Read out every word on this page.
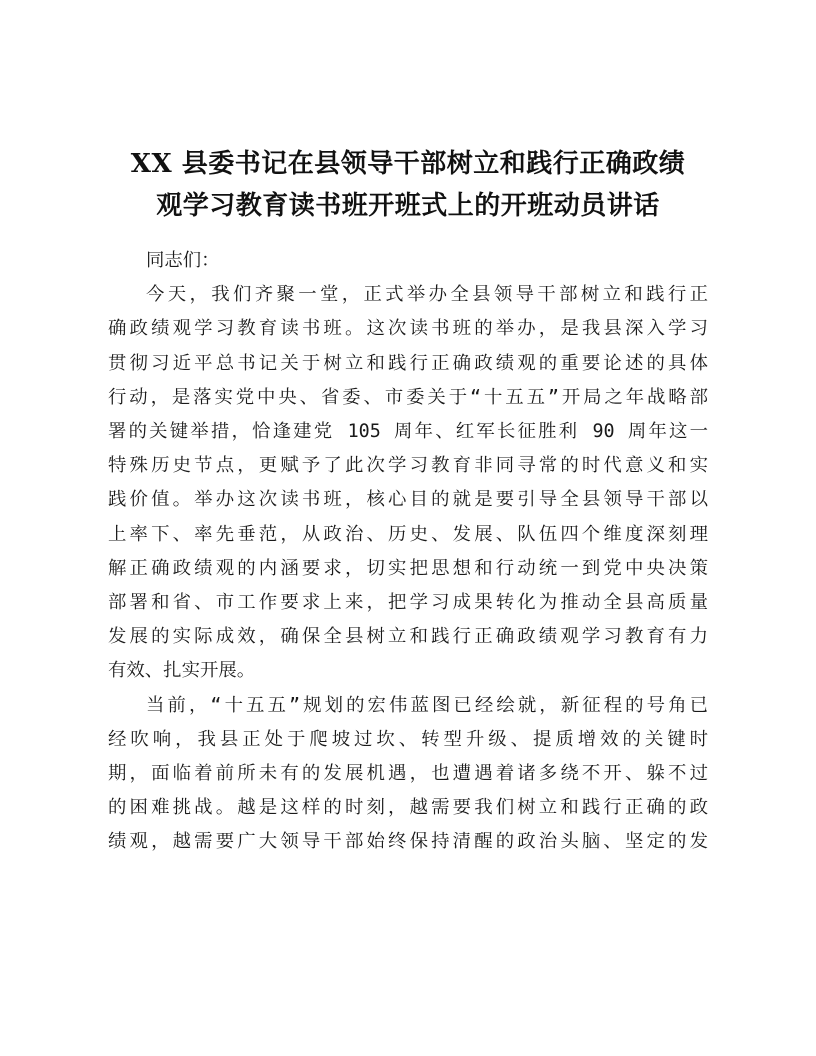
XX 县委书记在县领导干部树立和践行正确政绩
观学习教育读书班开班式上的开班动员讲话

同志们：

今天，我们齐聚一堂，正式举办全县领导干部树立和践行正
确政绩观学习教育读书班。这次读书班的举办，是我县深入学习
贯彻习近平总书记关于树立和践行正确政绩观的重要论述的具体
行动，是落实党中央、省委、市委关于“十五五”开局之年战略部
署的关键举措，恰逢建党 105 周年、红军长征胜利 90 周年这一
特殊历史节点，更赋予了此次学习教育非同寻常的时代意义和实
践价值。举办这次读书班，核心目的就是要引导全县领导干部以
上率下、率先垂范，从政治、历史、发展、队伍四个维度深刻理
解正确政绩观的内涵要求，切实把思想和行动统一到党中央决策
部署和省、市工作要求上来，把学习成果转化为推动全县高质量
发展的实际成效，确保全县树立和践行正确政绩观学习教育有力
有效、扎实开展。

当前，“十五五”规划的宏伟蓝图已经绘就，新征程的号角已
经吹响，我县正处于爬坡过坎、转型升级、提质增效的关键时
期，面临着前所未有的发展机遇，也遭遇着诸多绕不开、躲不过
的困难挑战。越是这样的时刻，越需要我们树立和践行正确的政
绩观，越需要广大领导干部始终保持清醒的政治头脑、坚定的发
